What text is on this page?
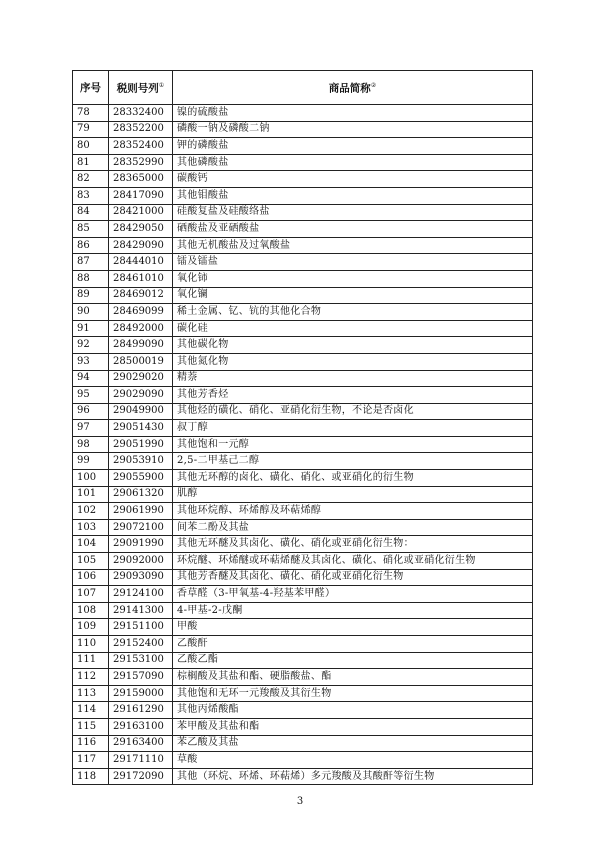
序号	税则号列①	商品简称②
78	28332400	镍的硫酸盐
79	28352200	磷酸一钠及磷酸二钠
80	28352400	钾的磷酸盐
81	28352990	其他磷酸盐
82	28365000	碳酸钙
83	28417090	其他钼酸盐
84	28421000	硅酸复盐及硅酸络盐
85	28429050	硒酸盐及亚硒酸盐
86	28429090	其他无机酸盐及过氧酸盐
87	28444010	镭及镭盐
88	28461010	氧化铈
89	28469012	氧化镧
90	28469099	稀土金属、钇、钪的其他化合物
91	28492000	碳化硅
92	28499090	其他碳化物
93	28500019	其他氮化物
94	29029020	精萘
95	29029090	其他芳香烃
96	29049900	其他烃的磺化、硝化、亚硝化衍生物，不论是否卤化
97	29051430	叔丁醇
98	29051990	其他饱和一元醇
99	29053910	2,5-二甲基己二醇
100	29055900	其他无环醇的卤化、磺化、硝化、或亚硝化的衍生物
101	29061320	肌醇
102	29061990	其他环烷醇、环烯醇及环萜烯醇
103	29072100	间苯二酚及其盐
104	29091990	其他无环醚及其卤化、磺化、硝化或亚硝化衍生物：
105	29092000	环烷醚、环烯醚或环萜烯醚及其卤化、磺化、硝化或亚硝化衍生物
106	29093090	其他芳香醚及其卤化、磺化、硝化或亚硝化衍生物
107	29124100	香草醛（3-甲氧基-4-羟基苯甲醛）
108	29141300	4-甲基-2-戊酮
109	29151100	甲酸
110	29152400	乙酸酐
111	29153100	乙酸乙酯
112	29157090	棕榈酸及其盐和酯、硬脂酸盐、酯
113	29159000	其他饱和无环一元羧酸及其衍生物
114	29161290	其他丙烯酸酯
115	29163100	苯甲酸及其盐和酯
116	29163400	苯乙酸及其盐
117	29171110	草酸
118	29172090	其他（环烷、环烯、环萜烯）多元羧酸及其酸酐等衍生物
3
